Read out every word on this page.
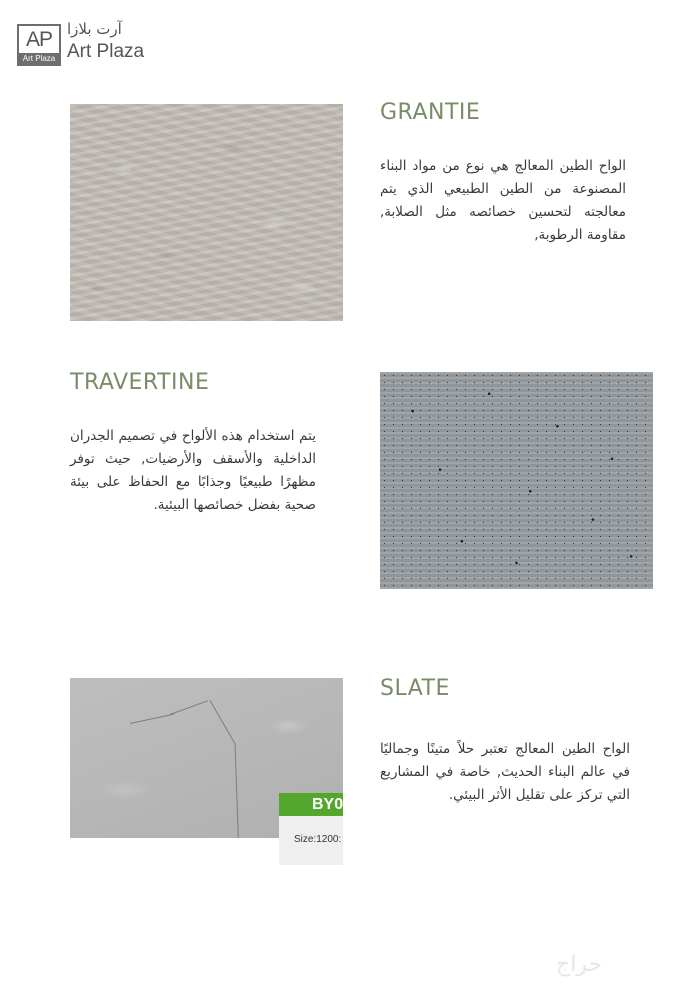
AP
Art Plaza
آرت بلازا
Art Plaza
GRANTIE

الواح الطين المعالج هي نوع من مواد البناء المصنوعة من الطين الطبيعي الذي يتم معالجته لتحسين خصائصه مثل الصلابة, مقاومة الرطوبة,

TRAVERTINE

يتم استخدام هذه الألواح في تصميم الجدران الداخلية والأسقف والأرضيات, حيث توفر مظهرًا طبيعيًا وجذابًا مع الحفاظ على بيئة صحية بفضل خصائصها البيئية.

BY0
Size:1200:
SLATE

الواح الطين المعالج تعتبر حلاً متينًا وجماليًا في عالم البناء الحديث, خاصة في المشاريع التي تركز على تقليل الأثر البيئي.

حراج
